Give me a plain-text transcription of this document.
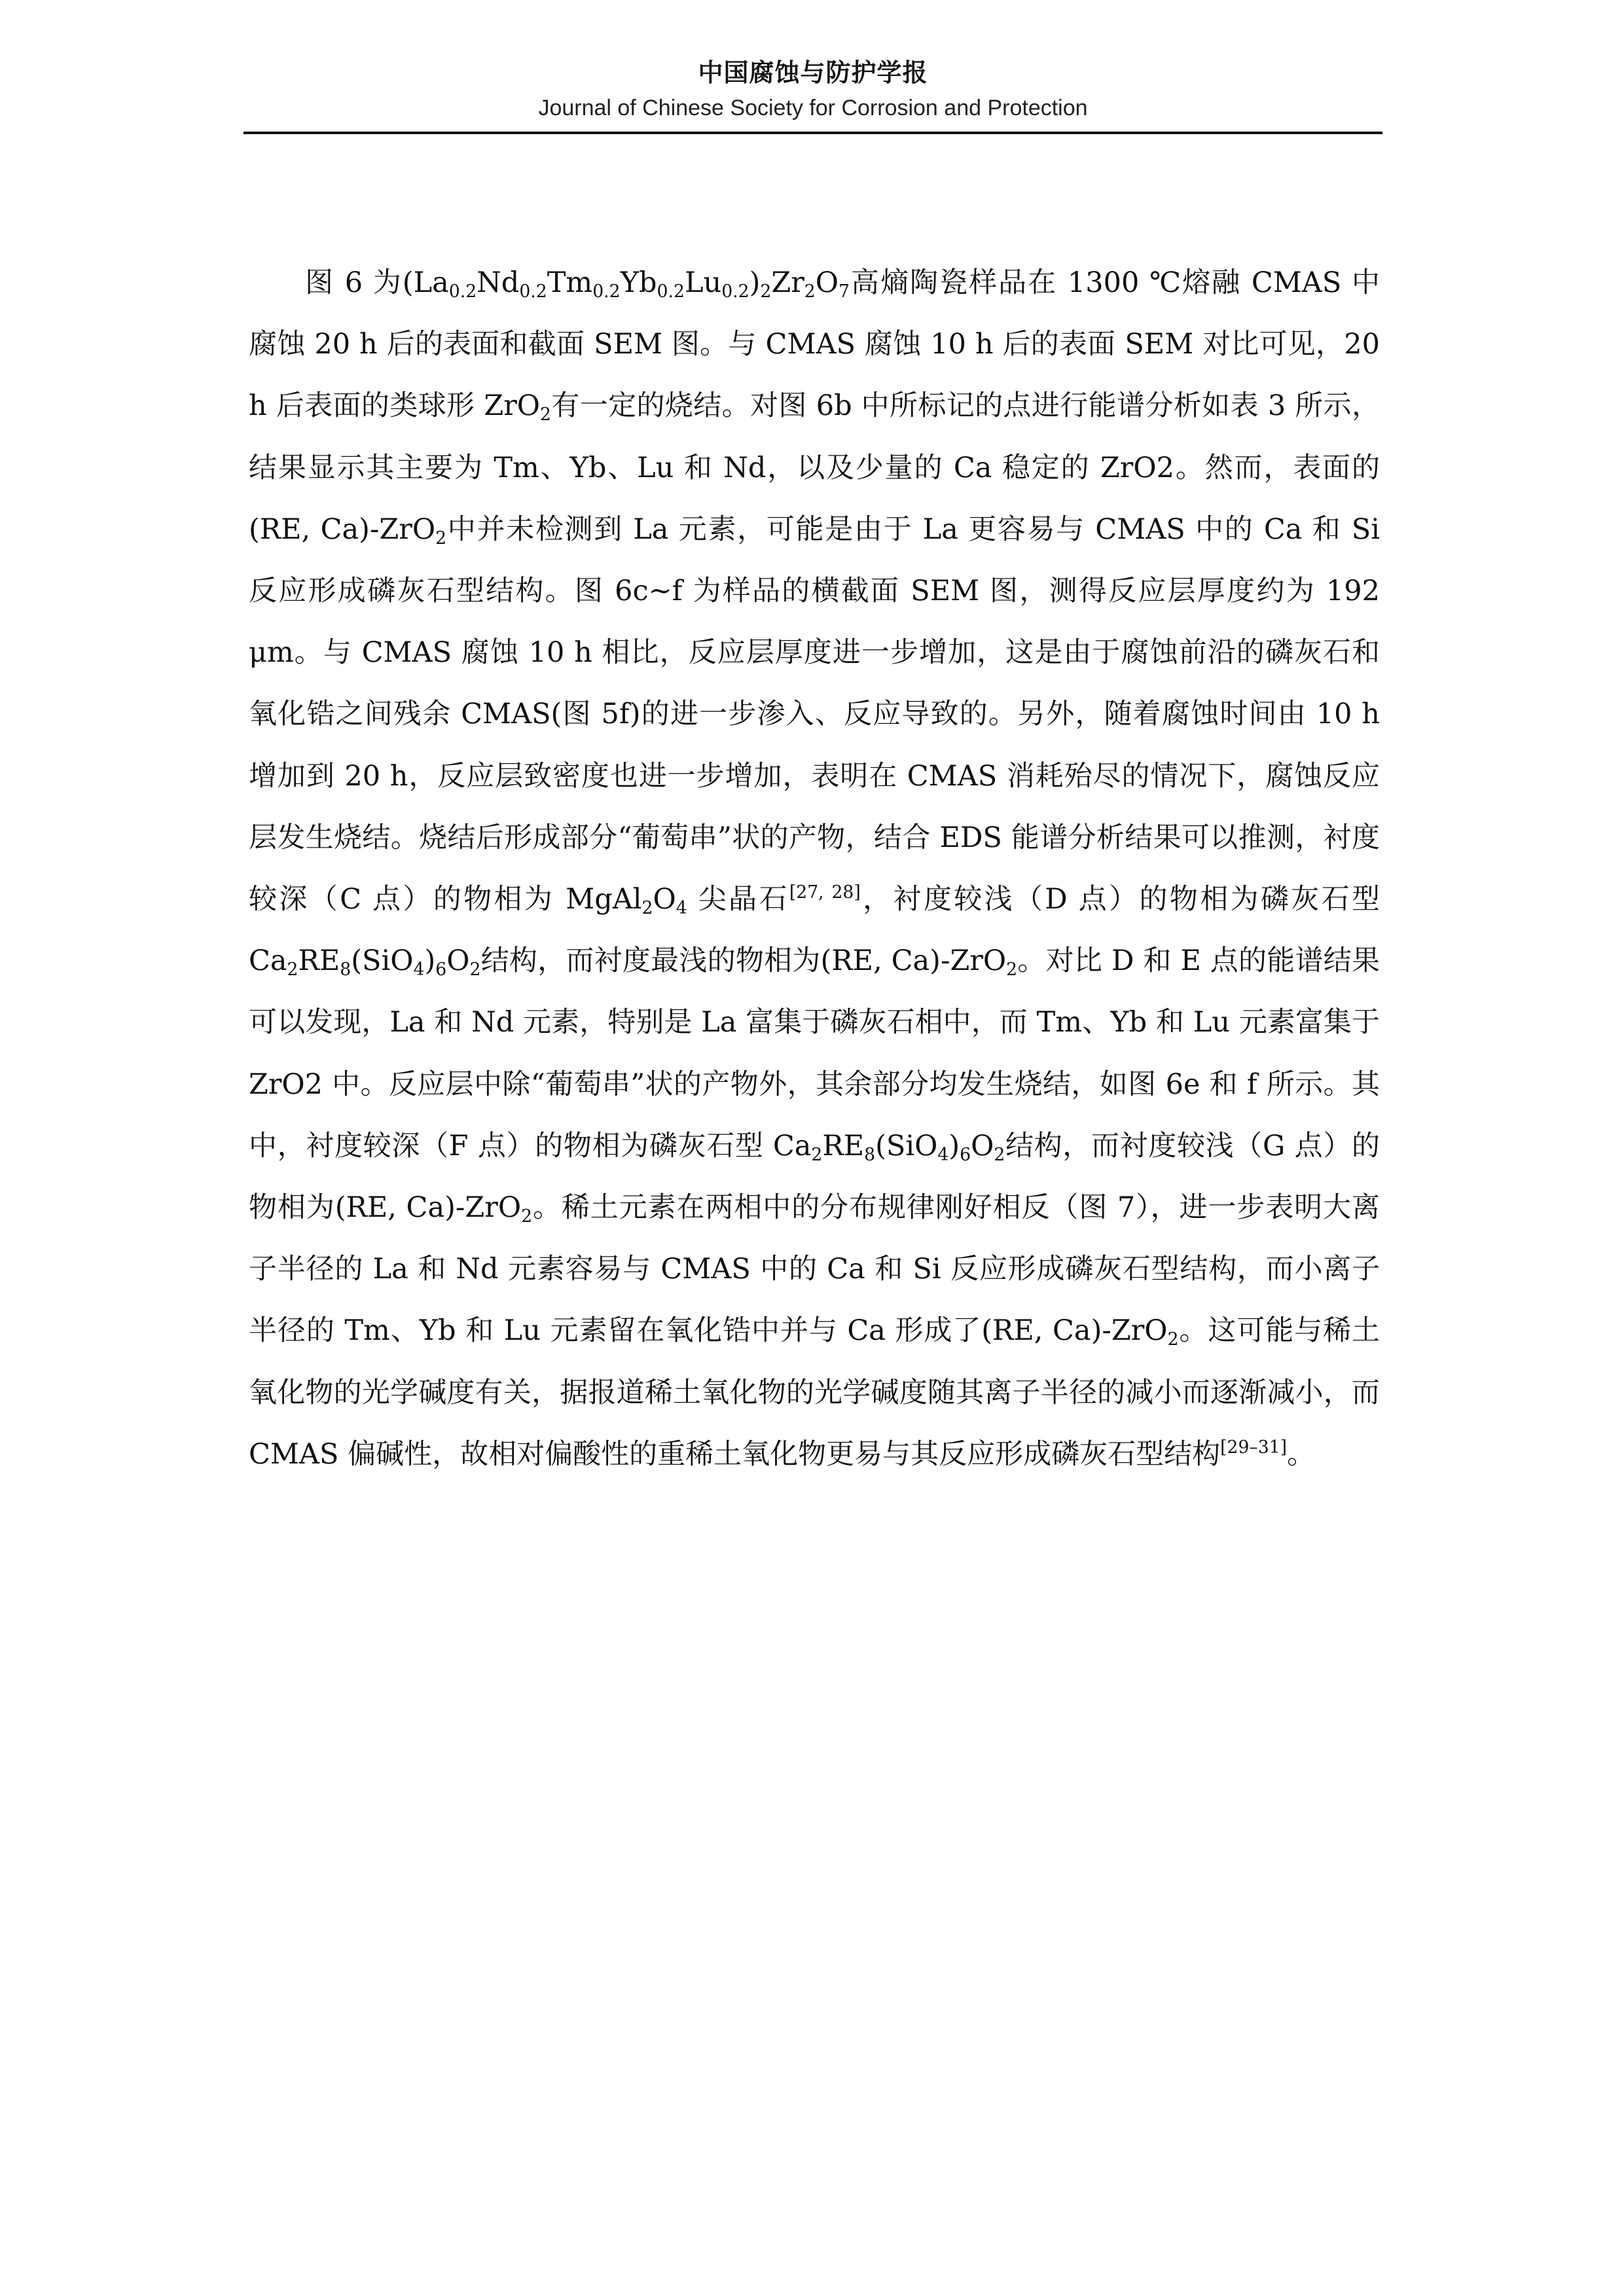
中国腐蚀与防护学报
Journal of Chinese Society for Corrosion and Protection

图 6 为$(La_{0.2}Nd_{0.2}Tm_{0.2}Yb_{0.2}Lu_{0.2})_2Zr_2O_7$高熵陶瓷样品在 1300 ℃熔融 CMAS 中腐蚀 20 h 后的表面和截面 SEM 图。与 CMAS 腐蚀 10 h 后的表面 SEM 对比可见，20 h 后表面的类球形 ZrO$_2$有一定的烧结。对图 6b 中所标记的点进行能谱分析如表 3 所示，结果显示其主要为 Tm、Yb、Lu 和 Nd，以及少量的 Ca 稳定的 ZrO2。然而，表面的(RE, Ca)-ZrO$_2$中并未检测到 La 元素，可能是由于 La 更容易与 CMAS 中的 Ca 和 Si 反应形成磷灰石型结构。图 6c~f 为样品的横截面 SEM 图，测得反应层厚度约为 192 μm。与 CMAS 腐蚀 10 h 相比，反应层厚度进一步增加，这是由于腐蚀前沿的磷灰石和氧化锆之间残余 CMAS(图 5f)的进一步渗入、反应导致的。另外，随着腐蚀时间由 10 h 增加到 20 h，反应层致密度也进一步增加，表明在 CMAS 消耗殆尽的情况下，腐蚀反应层发生烧结。烧结后形成部分“葡萄串”状的产物，结合 EDS 能谱分析结果可以推测，衬度较深（C 点）的物相为 $MgAl_2O_4$ 尖晶石[27, 28]，衬度较浅（D 点）的物相为磷灰石型 $Ca_2RE_8(SiO_4)_6O_2$结构，而衬度最浅的物相为(RE, Ca)-ZrO$_2$。对比 D 和 E 点的能谱结果可以发现，La 和 Nd 元素，特别是 La 富集于磷灰石相中，而 Tm、Yb 和 Lu 元素富集于 ZrO2 中。反应层中除“葡萄串”状的产物外，其余部分均发生烧结，如图 6e 和 f 所示。其中，衬度较深（F 点）的物相为磷灰石型 $Ca_2RE_8(SiO_4)_6O_2$结构，而衬度较浅（G 点）的物相为(RE, Ca)-ZrO$_2$。稀土元素在两相中的分布规律刚好相反（图 7），进一步表明大离子半径的 La 和 Nd 元素容易与 CMAS 中的 Ca 和 Si 反应形成磷灰石型结构，而小离子半径的 Tm、Yb 和 Lu 元素留在氧化锆中并与 Ca 形成了(RE, Ca)-ZrO$_2$。这可能与稀土氧化物的光学碱度有关，据报道稀土氧化物的光学碱度随其离子半径的减小而逐渐减小，而 CMAS 偏碱性，故相对偏酸性的重稀土氧化物更易与其反应形成磷灰石型结构[29–31]。
